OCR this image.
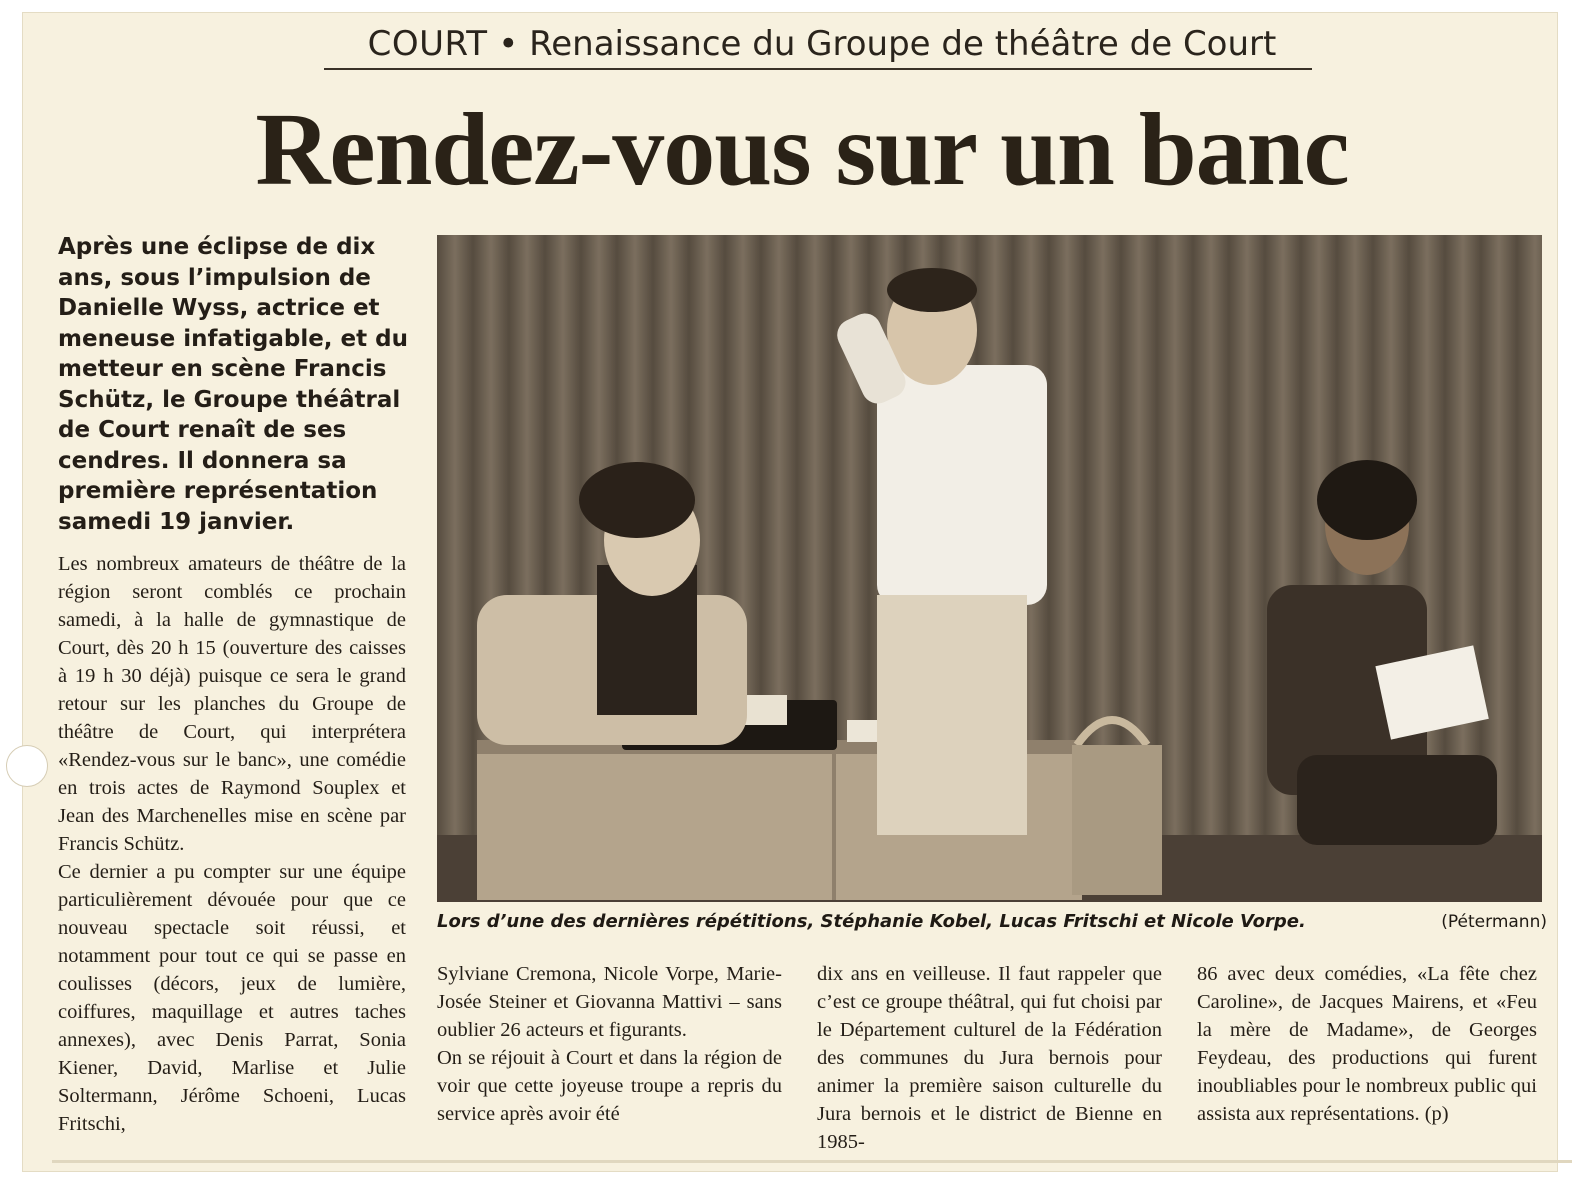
COURT • Renaissance du Groupe de théâtre de Court
Rendez-vous sur un banc
Après une éclipse de dix ans, sous l’impulsion de Danielle Wyss, actrice et meneuse infatigable, et du metteur en scène Francis Schütz, le Groupe théâtral de Court renaît de ses cendres. Il donnera sa première représentation samedi 19 janvier.

Les nombreux amateurs de théâtre de la région seront comblés ce prochain samedi, à la halle de gymnastique de Court, dès 20 h 15 (ouverture des caisses à 19 h 30 déjà) puisque ce sera le grand retour sur les planches du Groupe de théâtre de Court, qui interprétera «Rendez-vous sur le banc», une comédie en trois actes de Raymond Souplex et Jean des Marchenelles mise en scène par Francis Schütz.

Ce dernier a pu compter sur une équipe particulièrement dévouée pour que ce nouveau spectacle soit réussi, et notamment pour tout ce qui se passe en coulisses (décors, jeux de lumière, coiffures, maquillage et autres taches annexes), avec Denis Parrat, Sonia Kiener, David, Marlise et Julie Soltermann, Jérôme Schoeni, Lucas Fritschi,

Lors d’une des dernières répétitions, Stéphanie Kobel, Lucas Fritschi et Nicole Vorpe.	(Pétermann)

Sylviane Cremona, Nicole Vorpe, Marie-Josée Steiner et Giovanna Mattivi – sans oublier 26 acteurs et figurants.

On se réjouit à Court et dans la région de voir que cette joyeuse troupe a repris du service après avoir été

dix ans en veilleuse. Il faut rappeler que c’est ce groupe théâtral, qui fut choisi par le Département culturel de la Fédération des communes du Jura bernois pour animer la première saison culturelle du Jura bernois et le district de Bienne en 1985-

86 avec deux comédies, «La fête chez Caroline», de Jacques Mairens, et «Feu la mère de Madame», de Georges Feydeau, des productions qui furent inoubliables pour le nombreux public qui assista aux représentations. (p)
